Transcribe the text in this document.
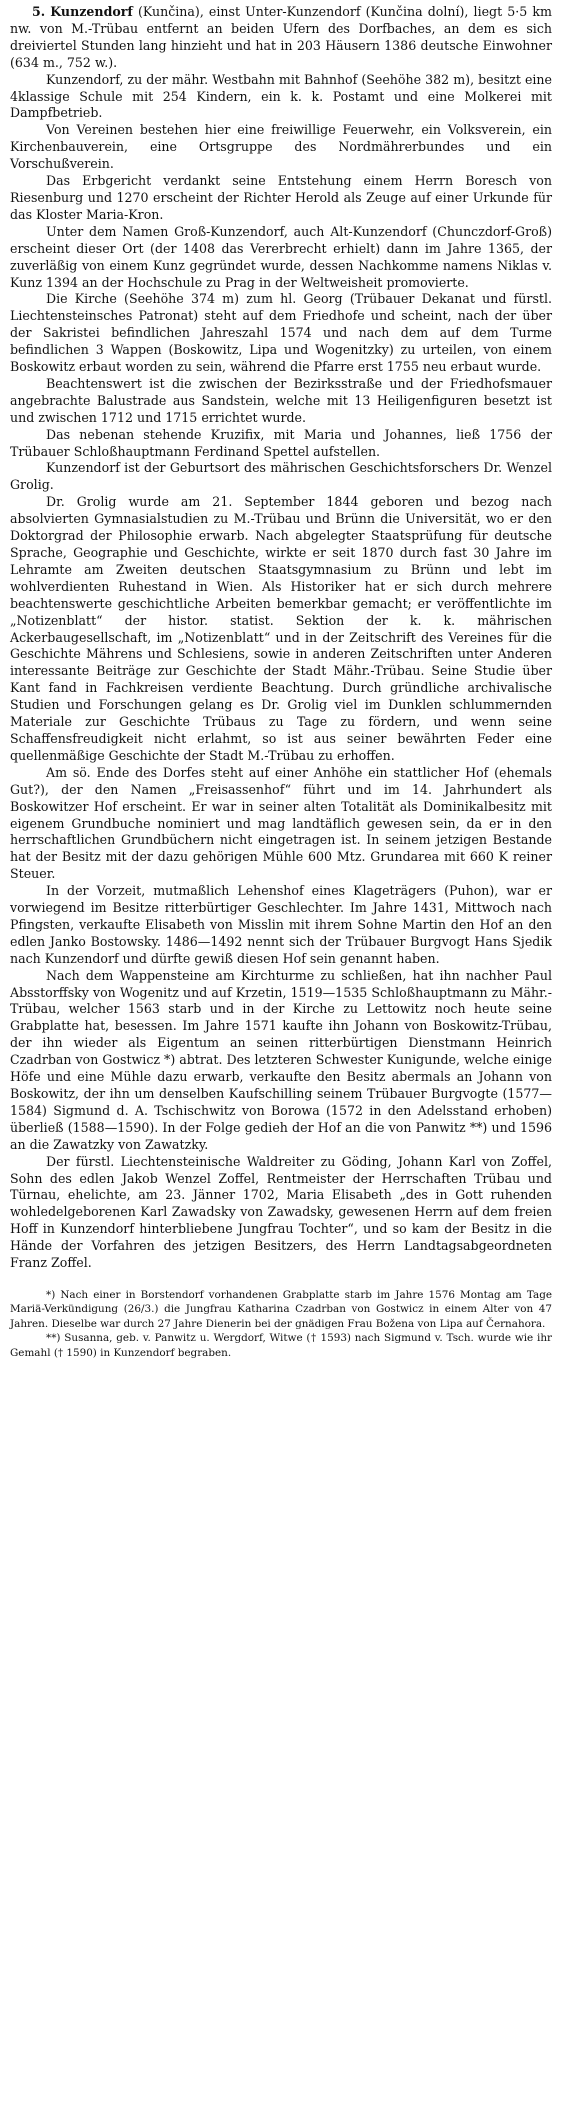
5. Kunzendorf (Kunčina), einst Unter-Kunzendorf (Kunčina dolní), liegt 5·5 km nw. von M.-Trübau entfernt an beiden Ufern des Dorfbaches, an dem es sich dreiviertel Stunden lang hinzieht und hat in 203 Häusern 1386 deutsche Einwohner (634 m., 752 w.).

Kunzendorf, zu der mähr. Westbahn mit Bahnhof (Seehöhe 382 m), besitzt eine 4klassige Schule mit 254 Kindern, ein k. k. Postamt und eine Molkerei mit Dampfbetrieb.

Von Vereinen bestehen hier eine freiwillige Feuerwehr, ein Volksverein, ein Kirchenbauverein, eine Ortsgruppe des Nordmährerbundes und ein Vorschußverein.

Das Erbgericht verdankt seine Entstehung einem Herrn Boresch von Riesenburg und 1270 erscheint der Richter Herold als Zeuge auf einer Urkunde für das Kloster Maria-Kron.

Unter dem Namen Groß-Kunzendorf, auch Alt-Kunzendorf (Chunczdorf-Groß) erscheint dieser Ort (der 1408 das Vererbrecht erhielt) dann im Jahre 1365, der zuverläßig von einem Kunz gegründet wurde, dessen Nachkomme namens Niklas v. Kunz 1394 an der Hochschule zu Prag in der Weltweisheit promovierte.

Die Kirche (Seehöhe 374 m) zum hl. Georg (Trübauer Dekanat und fürstl. Liechtensteinsches Patronat) steht auf dem Friedhofe und scheint, nach der über der Sakristei befindlichen Jahreszahl 1574 und nach dem auf dem Turme befindlichen 3 Wappen (Boskowitz, Lipa und Wogenitzky) zu urteilen, von einem Boskowitz erbaut worden zu sein, während die Pfarre erst 1755 neu erbaut wurde.

Beachtenswert ist die zwischen der Bezirksstraße und der Friedhofsmauer angebrachte Balustrade aus Sandstein, welche mit 13 Heiligenfiguren besetzt ist und zwischen 1712 und 1715 errichtet wurde.

Das nebenan stehende Kruzifix, mit Maria und Johannes, ließ 1756 der Trübauer Schloßhauptmann Ferdinand Spettel aufstellen.

Kunzendorf ist der Geburtsort des mährischen Geschichtsforschers Dr. Wenzel Grolig.

Dr. Grolig wurde am 21. September 1844 geboren und bezog nach absolvierten Gymnasialstudien zu M.-Trübau und Brünn die Universität, wo er den Doktorgrad der Philosophie erwarb. Nach abgelegter Staatsprüfung für deutsche Sprache, Geographie und Geschichte, wirkte er seit 1870 durch fast 30 Jahre im Lehramte am Zweiten deutschen Staatsgymnasium zu Brünn und lebt im wohlverdienten Ruhestand in Wien. Als Historiker hat er sich durch mehrere beachtenswerte geschichtliche Arbeiten bemerkbar gemacht; er veröffentlichte im „Notizenblatt“ der histor. statist. Sektion der k. k. mährischen Ackerbaugesellschaft, im „Notizenblatt“ und in der Zeitschrift des Vereines für die Geschichte Mährens und Schlesiens, sowie in anderen Zeitschriften unter Anderen interessante Beiträge zur Geschichte der Stadt Mähr.-Trübau. Seine Studie über Kant fand in Fachkreisen verdiente Beachtung. Durch gründliche archivalische Studien und Forschungen gelang es Dr. Grolig viel im Dunklen schlummernden Materiale zur Geschichte Trübaus zu Tage zu fördern, und wenn seine Schaffensfreudigkeit nicht erlahmt, so ist aus seiner bewährten Feder eine quellenmäßige Geschichte der Stadt M.-Trübau zu erhoffen.

Am sö. Ende des Dorfes steht auf einer Anhöhe ein stattlicher Hof (ehemals Gut?), der den Namen „Freisassenhof“ führt und im 14. Jahrhundert als Boskowitzer Hof erscheint. Er war in seiner alten Totalität als Dominikalbesitz mit eigenem Grundbuche nominiert und mag landtäflich gewesen sein, da er in den herrschaftlichen Grundbüchern nicht eingetragen ist. In seinem jetzigen Bestande hat der Besitz mit der dazu gehörigen Mühle 600 Mtz. Grundarea mit 660 K reiner Steuer.

In der Vorzeit, mutmaßlich Lehenshof eines Klageträgers (Puhon), war er vorwiegend im Besitze ritterbürtiger Geschlechter. Im Jahre 1431, Mittwoch nach Pfingsten, verkaufte Elisabeth von Misslin mit ihrem Sohne Martin den Hof an den edlen Janko Bostowsky. 1486—1492 nennt sich der Trübauer Burgvogt Hans Sjedik nach Kunzendorf und dürfte gewiß diesen Hof sein genannt haben.

Nach dem Wappensteine am Kirchturme zu schließen, hat ihn nachher Paul Absstorffsky von Wogenitz und auf Krzetin, 1519—1535 Schloßhauptmann zu Mähr.-Trübau, welcher 1563 starb und in der Kirche zu Lettowitz noch heute seine Grabplatte hat, besessen. Im Jahre 1571 kaufte ihn Johann von Boskowitz-Trübau, der ihn wieder als Eigentum an seinen ritterbürtigen Dienstmann Heinrich Czadrban von Gostwicz *) abtrat. Des letzteren Schwester Kunigunde, welche einige Höfe und eine Mühle dazu erwarb, verkaufte den Besitz abermals an Johann von Boskowitz, der ihn um denselben Kaufschilling seinem Trübauer Burgvogte (1577—1584) Sigmund d. A. Tschischwitz von Borowa (1572 in den Adelsstand erhoben) überließ (1588—1590). In der Folge gedieh der Hof an die von Panwitz **) und 1596 an die Zawatzky von Zawatzky.

Der fürstl. Liechtensteinische Waldreiter zu Göding, Johann Karl von Zoffel, Sohn des edlen Jakob Wenzel Zoffel, Rentmeister der Herrschaften Trübau und Türnau, ehelichte, am 23. Jänner 1702, Maria Elisabeth „des in Gott ruhenden wohledelgeborenen Karl Zawadsky von Zawadsky, gewesenen Herrn auf dem freien Hoff in Kunzendorf hinterbliebene Jungfrau Tochter“, und so kam der Besitz in die Hände der Vorfahren des jetzigen Besitzers, des Herrn Landtagsabgeordneten Franz Zoffel.

*) Nach einer in Borstendorf vorhandenen Grabplatte starb im Jahre 1576 Montag am Tage Mariä-Verkündigung (26/3.) die Jungfrau Katharina Czadrban von Gostwicz in einem Alter von 47 Jahren. Dieselbe war durch 27 Jahre Dienerin bei der gnädigen Frau Božena von Lipa auf Černahora.

**) Susanna, geb. v. Panwitz u. Wergdorf, Witwe († 1593) nach Sigmund v. Tsch. wurde wie ihr Gemahl († 1590) in Kunzendorf begraben.
